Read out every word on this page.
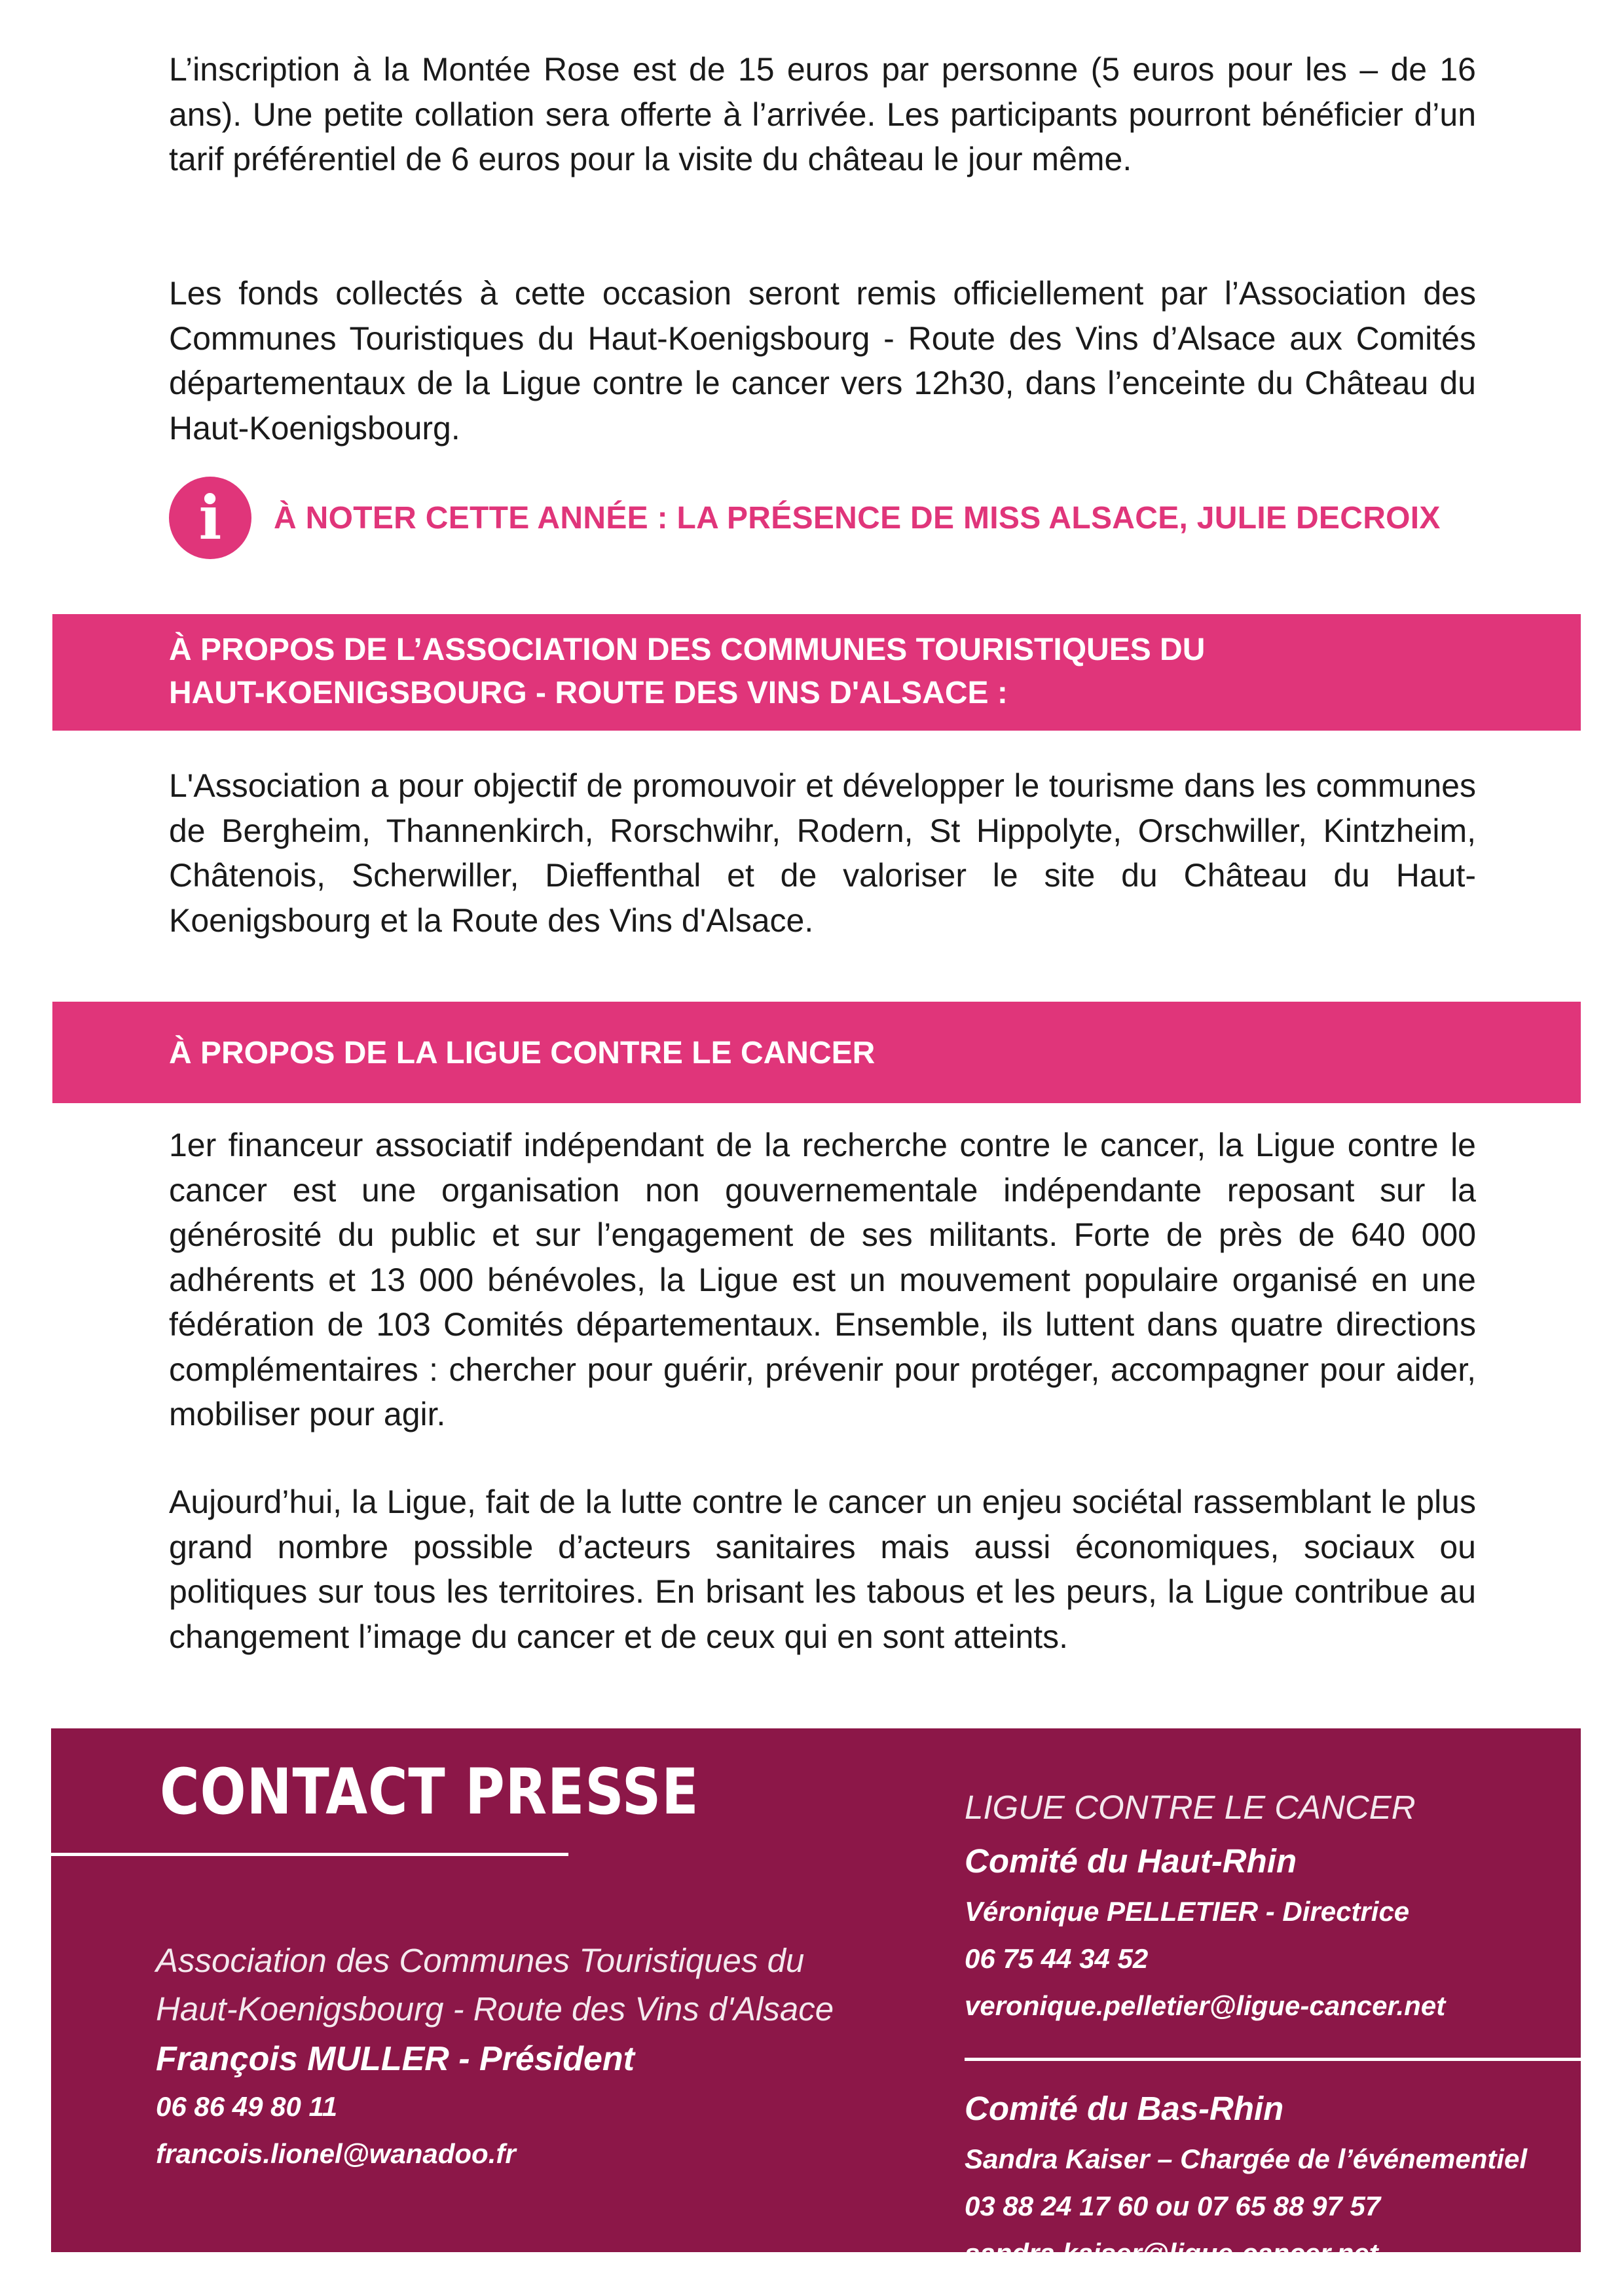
L’inscription à la Montée Rose est de 15 euros par personne (5 euros pour les – de 16 ans). Une petite collation sera offerte à l’arrivée. Les participants pourront bénéficier d’un tarif préférentiel de 6 euros pour la visite du château le jour même.

Les fonds collectés à cette occasion seront remis officiellement par l’Association des Communes Touristiques du Haut-Koenigsbourg - Route des Vins d’Alsace aux Comités départementaux de la Ligue contre le cancer vers 12h30, dans l’enceinte du Château du Haut-Koenigsbourg.

i	À NOTER CETTE ANNÉE : LA PRÉSENCE DE MISS ALSACE, JULIE DECROIX
À PROPOS DE L’ASSOCIATION DES COMMUNES TOURISTIQUES DU
HAUT-KOENIGSBOURG - ROUTE DES VINS D'ALSACE :

L'Association a pour objectif de promouvoir et développer le tourisme dans les communes de Bergheim, Thannenkirch, Rorschwihr, Rodern, St Hippolyte, Orschwiller, Kintzheim, Châtenois, Scherwiller, Dieffenthal et de valoriser le site du Château du Haut-Koenigsbourg et la Route des Vins d'Alsace.

À PROPOS DE LA LIGUE CONTRE LE CANCER

1er financeur associatif indépendant de la recherche contre le cancer, la Ligue contre le cancer est une organisation non gouvernementale indépendante reposant sur la générosité du public et sur l’engagement de ses militants. Forte de près de 640 000 adhérents et 13 000 bénévoles, la Ligue est un mouvement populaire organisé en une fédération de 103 Comités départementaux. Ensemble, ils luttent dans quatre directions complémentaires : chercher pour guérir, prévenir pour protéger, accompagner pour aider, mobiliser pour agir.

Aujourd’hui, la Ligue, fait de la lutte contre le cancer un enjeu sociétal rassemblant le plus grand nombre possible d’acteurs sanitaires mais aussi économiques, sociaux ou politiques sur tous les territoires. En brisant les tabous et les peurs, la Ligue contribue au changement l’image du cancer et de ceux qui en sont atteints.

CONTACT PRESSE
Association des Communes Touristiques du
Haut-Koenigsbourg - Route des Vins d'Alsace
François MULLER - Président
06 86 49 80 11
francois.lionel@wanadoo.fr
LIGUE CONTRE LE CANCER
Comité du Haut-Rhin
Véronique PELLETIER - Directrice
06 75 44 34 52
veronique.pelletier@ligue-cancer.net
Comité du Bas-Rhin
Sandra Kaiser – Chargée de l’événementiel
03 88 24 17 60 ou 07 65 88 97 57
sandra.kaiser@ligue-cancer.net
